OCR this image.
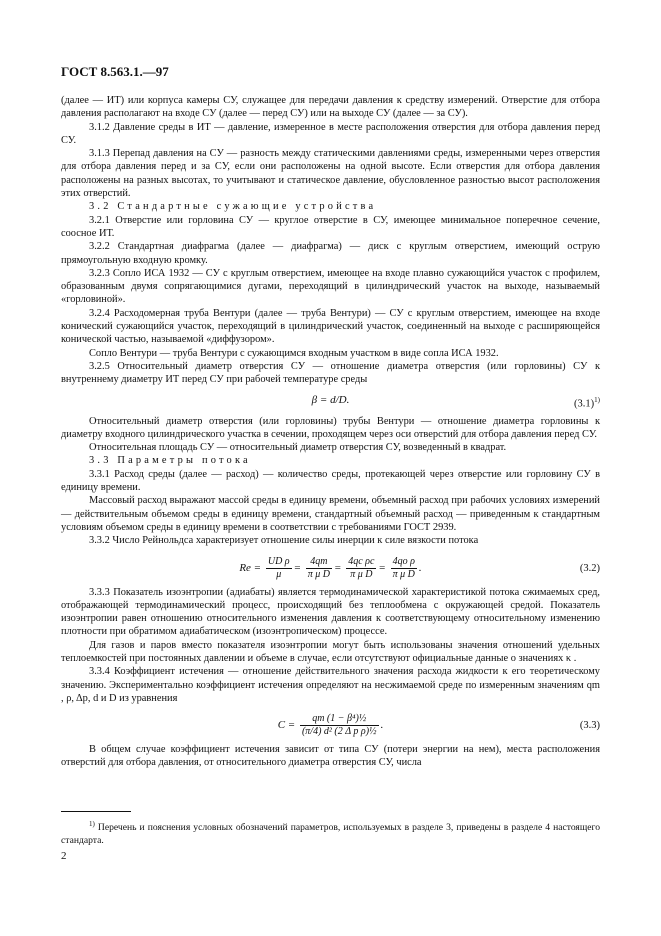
ГОСТ 8.563.1.—97

(далее — ИТ) или корпуса камеры СУ, служащее для передачи давления к средству измерений. Отверстие для отбора давления располагают на входе СУ (далее — перед СУ) или на выходе СУ (далее — за СУ).

3.1.2 Давление среды в ИТ — давление, измеренное в месте расположения отверстия для отбора давления перед СУ.

3.1.3 Перепад давления на СУ — разность между статическими давлениями среды, измеренными через отверстия для отбора давления перед и за СУ, если они расположены на одной высоте. Если отверстия для отбора давления расположены на разных высотах, то учитывают и статическое давление, обусловленное разностью высот расположения этих отверстий.

3.2 Стандартные сужающие устройства

3.2.1 Отверстие или горловина СУ — круглое отверстие в СУ, имеющее минимальное поперечное сечение, соосное ИТ.

3.2.2 Стандартная диафрагма (далее — диафрагма) — диск с круглым отверстием, имеющий острую прямоугольную входную кромку.

3.2.3 Сопло ИСА 1932 — СУ с круглым отверстием, имеющее на входе плавно сужающийся участок с профилем, образованным двумя сопрягающимися дугами, переходящий в цилиндрический участок на выходе, называемый «горловиной».

3.2.4 Расходомерная труба Вентури (далее — труба Вентури) — СУ с круглым отверстием, имеющее на входе конический сужающийся участок, переходящий в цилиндрический участок, соединенный на выходе с расширяющейся конической частью, называемой «диффузором».

Сопло Вентури — труба Вентури с сужающимся входным участком в виде сопла ИСА 1932.

3.2.5 Относительный диаметр отверстия СУ — отношение диаметра отверстия (или горловины) СУ к внутреннему диаметру ИТ перед СУ при рабочей температуре среды

β = d/D.	$(3.1)^{1)}$

Относительный диаметр отверстия (или горловины) трубы Вентури — отношение диаметра горловины к диаметру входного цилиндрического участка в сечении, проходящем через оси отверстий для отбора давления перед СУ.

Относительная площадь СУ — относительный диаметр отверстия СУ, возведенный в квадрат.

3.3 Параметры потока

3.3.1 Расход среды (далее — расход) — количество среды, протекающей через отверстие или горловину СУ в единицу времени.

Массовый расход выражают массой среды в единицу времени, объемный расход при рабочих условиях измерений — действительным объемом среды в единицу времени, стандартный объемный расход — приведенным к стандартным условиям объемом среды в единицу времени в соответствии с требованиями ГОСТ 2939.

3.3.2 Число Рейнольдса характеризует отношение силы инерции к силе вязкости потока

$Re = \frac{\text{UD ρ}}{\mu} = \frac{4qm}{\text{π μ D}} = \frac{\text{4qc ρc}}{\text{π μ D}} = \frac{\text{4qo ρ}}{\text{π μ D}}$ .	(3.2)

3.3.3 Показатель изоэнтропии (адиабаты) является термодинамической характеристикой потока сжимаемых сред, отображающей термодинамический процесс, происходящий без теплообмена с окружающей средой. Показатель изоэнтропии равен отношению относительного изменения давления к соответствующему относительному изменению плотности при обратимом адиабатическом (изоэнтропическом) процессе.

Для газов и паров вместо показателя изоэнтропии могут быть использованы значения отношений удельных теплоемкостей при постоянных давлении и объеме в случае, если отсутствуют официальные данные о значениях κ .

3.3.4 Коэффициент истечения — отношение действительного значения расхода жидкости к его теоретическому значению. Экспериментально коэффициент истечения определяют на несжимаемой среде по измеренным значениям qm , ρ, Δp, d и D из уравнения

$C = \frac{\text{qm (1 − β⁴)½}}{\text{(π/4) d² (2 Δ p ρ)½}}$ .	(3.3)

В общем случае коэффициент истечения зависит от типа СУ (потери энергии на нем), места расположения отверстий для отбора давления, от относительного диаметра отверстия СУ, числа

$^{1)}$ Перечень и пояснения условных обозначений параметров, используемых в разделе 3, приведены в разделе 4 настоящего стандарта.
2
